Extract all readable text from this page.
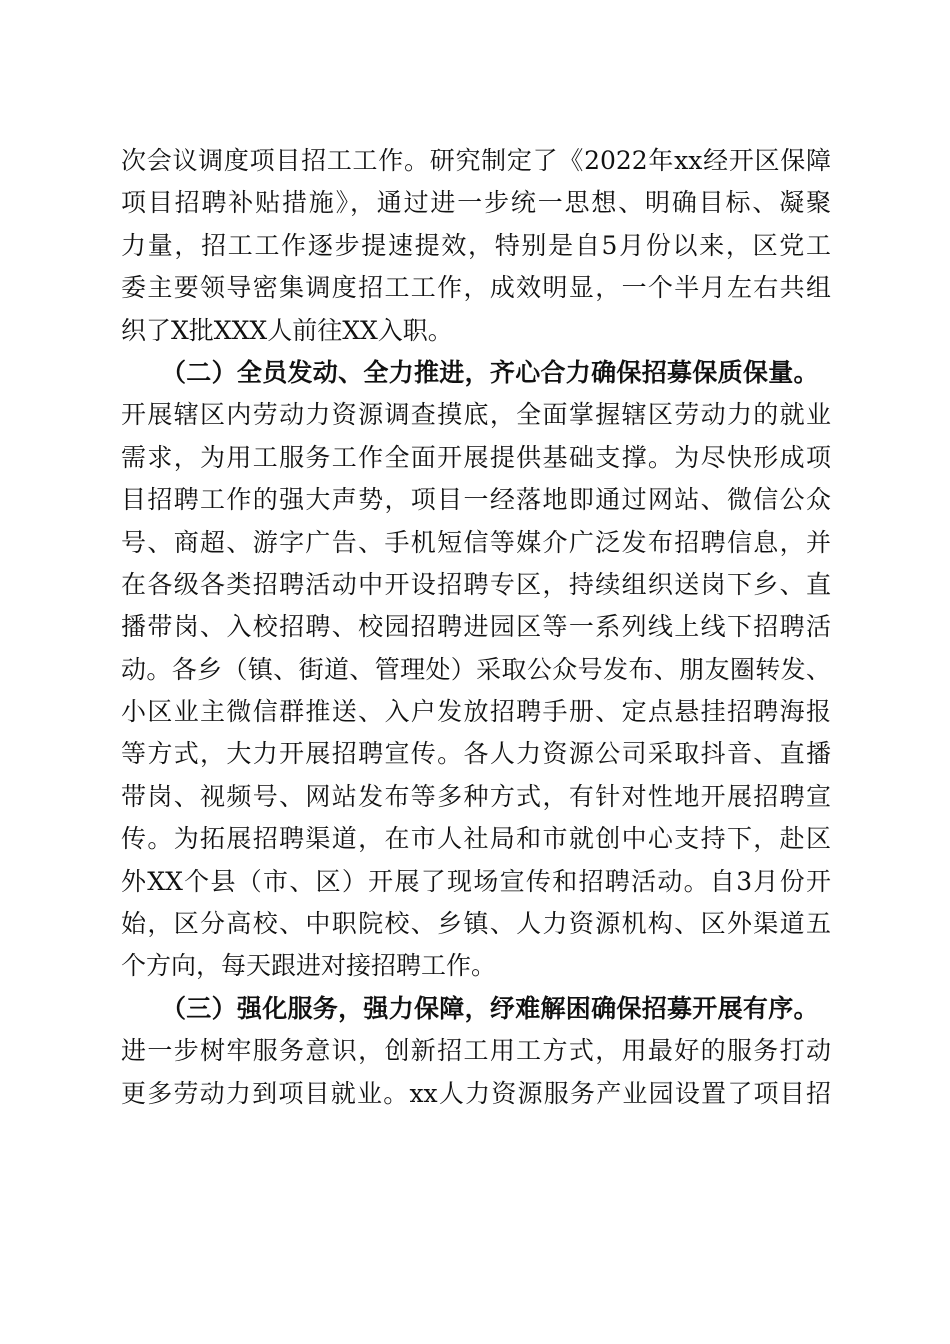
次会议调度项目招工工作。研究制定了《2022年xx经开区保障
项目招聘补贴措施》，通过进一步统一思想、明确目标、凝聚
力量，招工工作逐步提速提效，特别是自5月份以来，区党工
委主要领导密集调度招工工作，成效明显，一个半月左右共组
织了X批XXX人前往XX入职。
（二）全员发动、全力推进，齐心合力确保招募保质保量。
开展辖区内劳动力资源调查摸底，全面掌握辖区劳动力的就业
需求，为用工服务工作全面开展提供基础支撑。为尽快形成项
目招聘工作的强大声势，项目一经落地即通过网站、微信公众
号、商超、游字广告、手机短信等媒介广泛发布招聘信息，并
在各级各类招聘活动中开设招聘专区，持续组织送岗下乡、直
播带岗、入校招聘、校园招聘进园区等一系列线上线下招聘活
动。各乡（镇、街道、管理处）采取公众号发布、朋友圈转发、
小区业主微信群推送、入户发放招聘手册、定点悬挂招聘海报
等方式，大力开展招聘宣传。各人力资源公司采取抖音、直播
带岗、视频号、网站发布等多种方式，有针对性地开展招聘宣
传。为拓展招聘渠道，在市人社局和市就创中心支持下，赴区
外XX个县（市、区）开展了现场宣传和招聘活动。自3月份开
始，区分高校、中职院校、乡镇、人力资源机构、区外渠道五
个方向，每天跟进对接招聘工作。
（三）强化服务，强力保障，纾难解困确保招募开展有序。
进一步树牢服务意识，创新招工用工方式，用最好的服务打动
更多劳动力到项目就业。xx人力资源服务产业园设置了项目招
